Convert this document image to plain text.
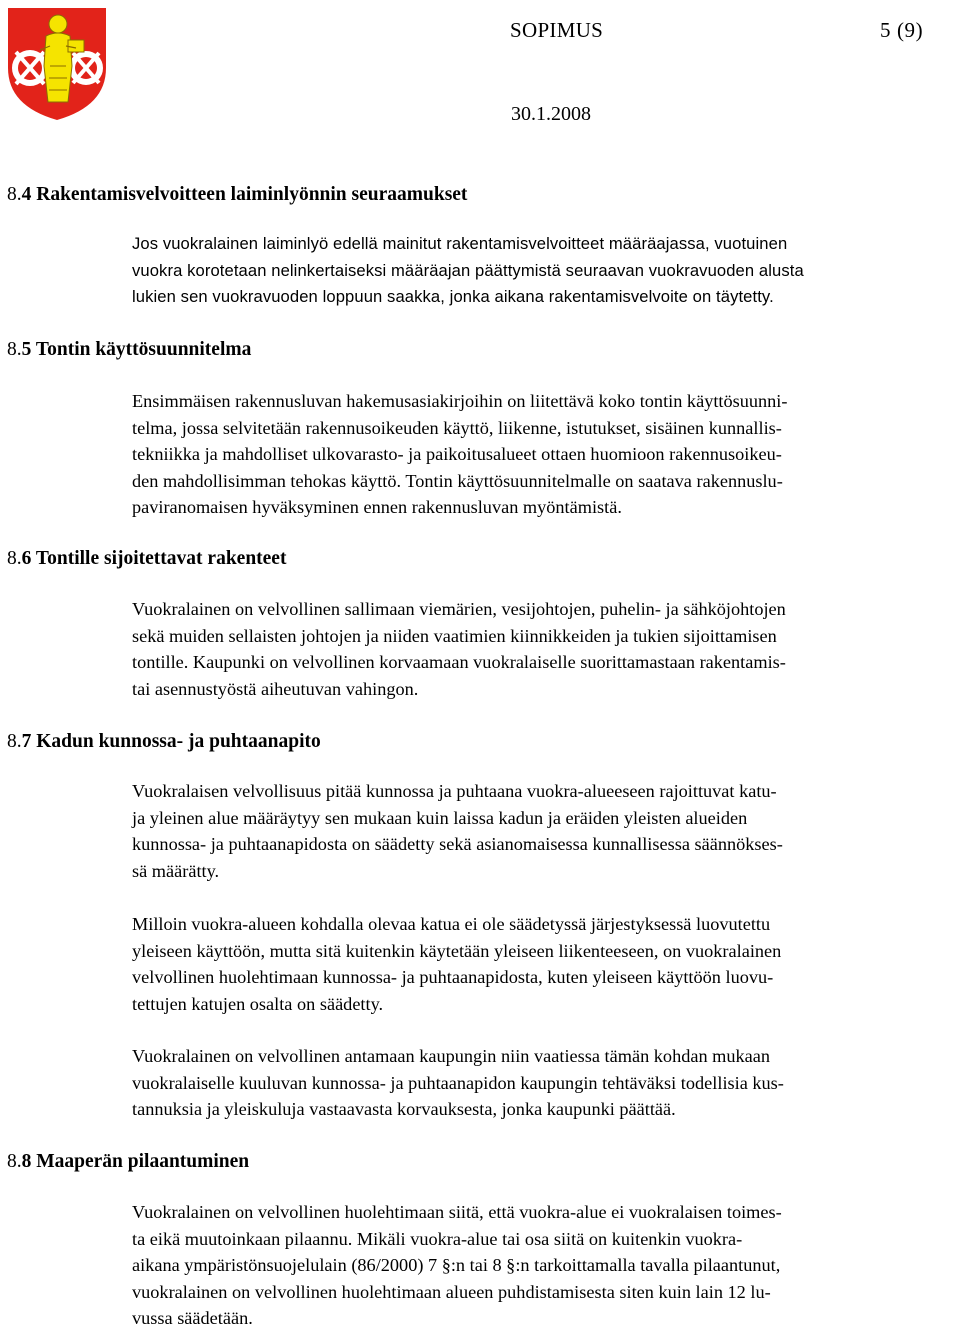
SOPIMUS	5 (9)
30.1.2008
8.4 Rakentamisvelvoitteen laiminlyönnin seuraamukset

Jos vuokralainen laiminlyö edellä mainitut rakentamisvelvoitteet määräajassa, vuotuinen
vuokra korotetaan nelinkertaiseksi määräajan päättymistä seuraavan vuokravuoden alusta
lukien sen vuokravuoden loppuun saakka, jonka aikana rakentamisvelvoite on täytetty.

8.5 Tontin käyttösuunnitelma

Ensimmäisen rakennusluvan hakemusasiakirjoihin on liitettävä koko tontin käyttösuunni-
telma, jossa selvitetään rakennusoikeuden käyttö, liikenne, istutukset, sisäinen kunnallis-
tekniikka ja mahdolliset ulkovarasto- ja paikoitusalueet ottaen huomioon rakennusoikeu-
den mahdollisimman tehokas käyttö. Tontin käyttösuunnitelmalle on saatava rakennuslu-
paviranomaisen hyväksyminen ennen rakennusluvan myöntämistä.

8.6 Tontille sijoitettavat rakenteet

Vuokralainen on velvollinen sallimaan viemärien, vesijohtojen, puhelin- ja sähköjohtojen
sekä muiden sellaisten johtojen ja niiden vaatimien kiinnikkeiden ja tukien sijoittamisen
tontille. Kaupunki on velvollinen korvaamaan vuokralaiselle suorittamastaan rakentamis-
tai asennustyöstä aiheutuvan vahingon.

8.7 Kadun kunnossa- ja puhtaanapito

Vuokralaisen velvollisuus pitää kunnossa ja puhtaana vuokra-alueeseen rajoittuvat katu-
ja yleinen alue määräytyy sen mukaan kuin laissa kadun ja eräiden yleisten alueiden
kunnossa- ja puhtaanapidosta on säädetty sekä asianomaisessa kunnallisessa säännökses-
sä määrätty.

Milloin vuokra-alueen kohdalla olevaa katua ei ole säädetyssä järjestyksessä luovutettu
yleiseen käyttöön, mutta sitä kuitenkin käytetään yleiseen liikenteeseen, on vuokralainen
velvollinen huolehtimaan kunnossa- ja puhtaanapidosta, kuten yleiseen käyttöön luovu-
tettujen katujen osalta on säädetty.

Vuokralainen on velvollinen antamaan kaupungin niin vaatiessa tämän kohdan mukaan
vuokralaiselle kuuluvan kunnossa- ja puhtaanapidon kaupungin tehtäväksi todellisia kus-
tannuksia ja yleiskuluja vastaavasta korvauksesta, jonka kaupunki päättää.

8.8 Maaperän pilaantuminen

Vuokralainen on velvollinen huolehtimaan siitä, että vuokra-alue ei vuokralaisen toimes-
ta eikä muutoinkaan pilaannu. Mikäli vuokra-alue tai osa siitä on kuitenkin vuokra-
aikana ympäristönsuojelulain (86/2000) 7 §:n tai 8 §:n tarkoittamalla tavalla pilaantunut,
vuokralainen on velvollinen huolehtimaan alueen puhdistamisesta siten kuin lain 12 lu-
vussa säädetään.
